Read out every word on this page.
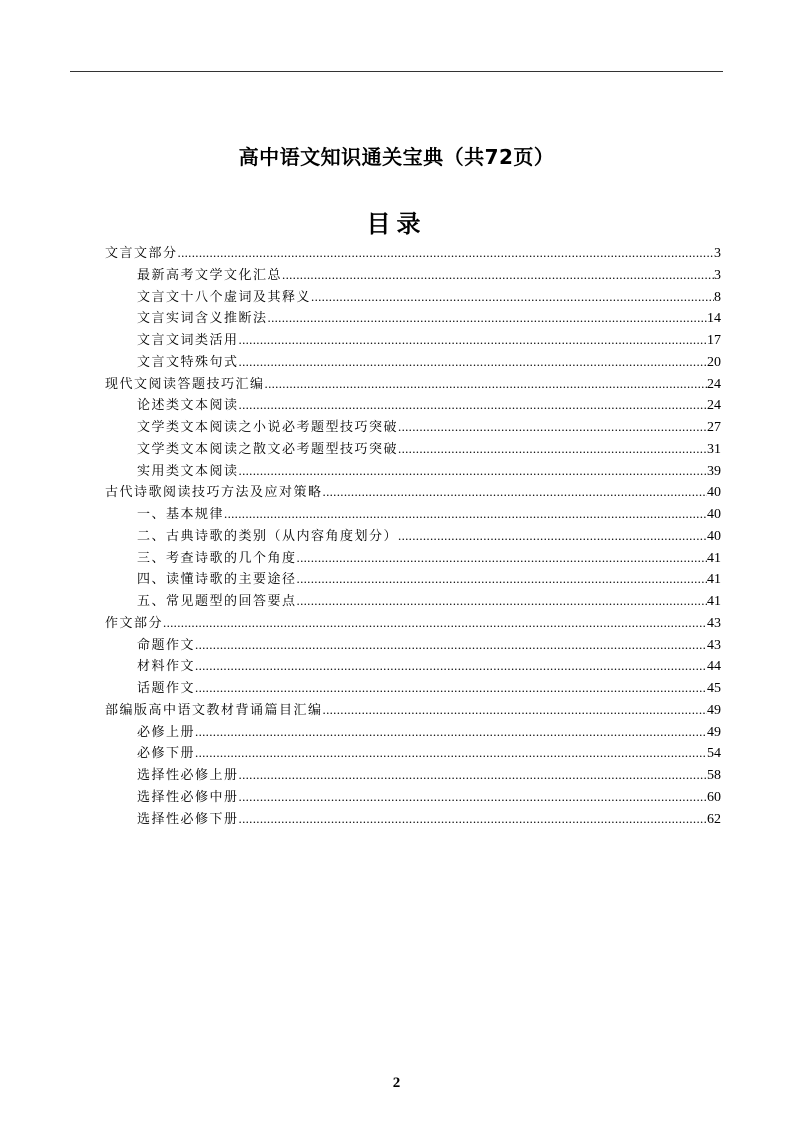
高中语文知识通关宝典（共72页）
目录
文言文部分 .....	3
最新高考文学文化汇总 .....	3
文言文十八个虚词及其释义 .....	8
文言实词含义推断法 .....	14
文言文词类活用 .....	17
文言文特殊句式 .....	20
现代文阅读答题技巧汇编 .....	24
论述类文本阅读 .....	24
文学类文本阅读之小说必考题型技巧突破 .....	27
文学类文本阅读之散文必考题型技巧突破 .....	31
实用类文本阅读 .....	39
古代诗歌阅读技巧方法及应对策略 .....	40
一、基本规律 .....	40
二、古典诗歌的类别（从内容角度划分） .....	40
三、考查诗歌的几个角度 .....	41
四、读懂诗歌的主要途径 .....	41
五、常见题型的回答要点 .....	41
作文部分 .....	43
命题作文 .....	43
材料作文 .....	44
话题作文 .....	45
部编版高中语文教材背诵篇目汇编 .....	49
必修上册 .....	49
必修下册 .....	54
选择性必修上册 .....	58
选择性必修中册 .....	60
选择性必修下册 .....	62
2
